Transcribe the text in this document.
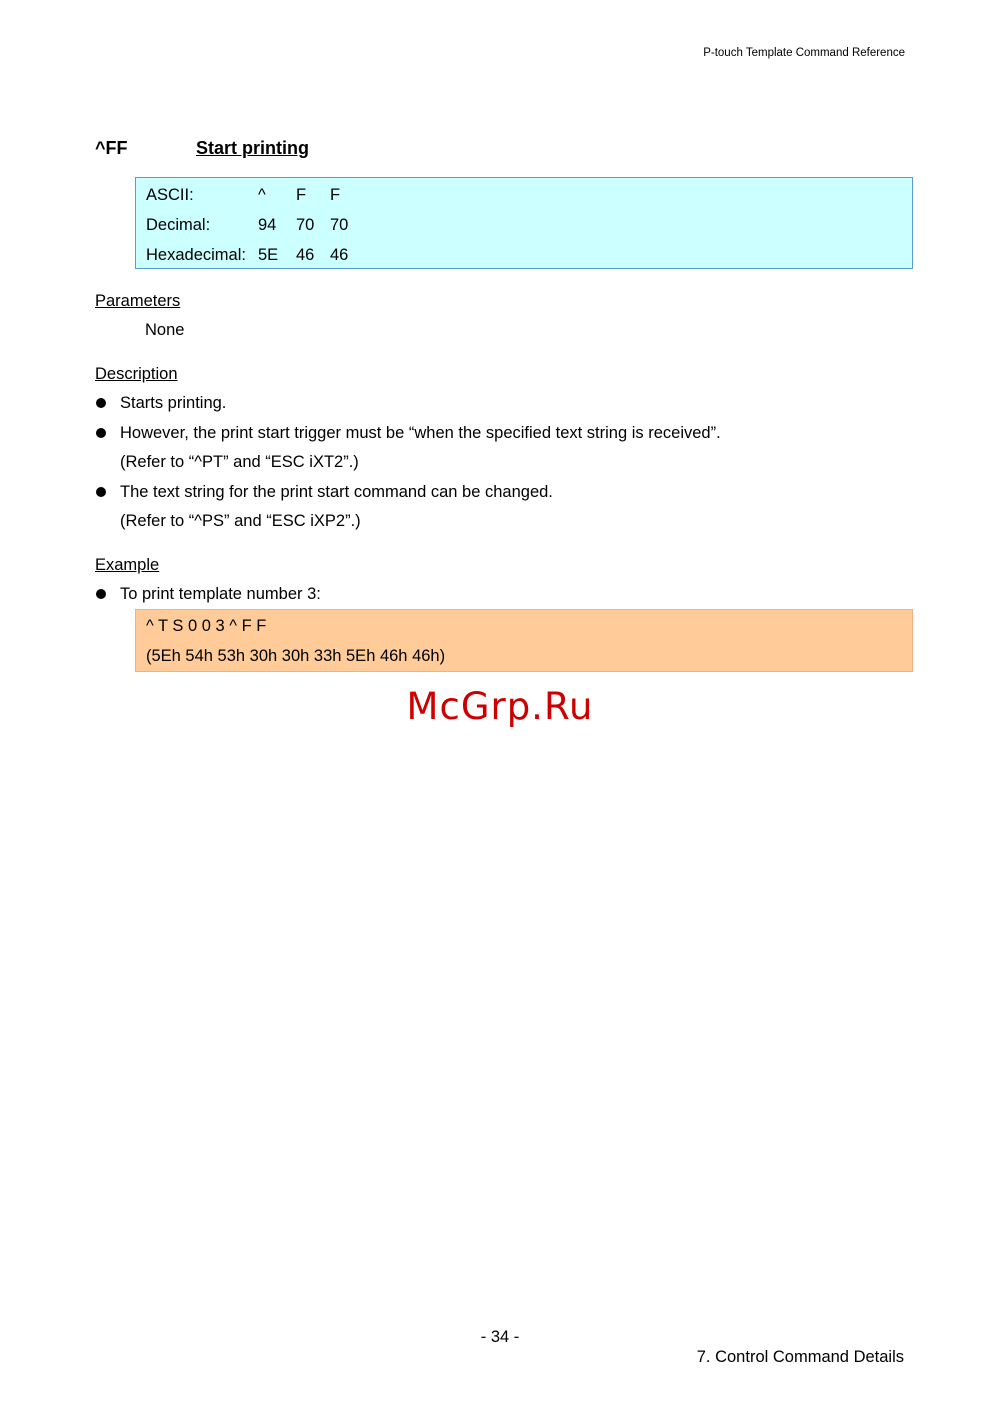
P-touch Template Command Reference
^FF	Start printing
ASCII:	^	F	F
Decimal:	94	70 70
Hexadecimal: 5E	46 46
Parameters
None
Description
Starts printing.
However, the print start trigger must be “when the specified text string is received”.
(Refer to “^PT” and “ESC iXT2”.)
The text string for the print start command can be changed.
(Refer to “^PS” and “ESC iXP2”.)
Example
To print template number 3:
^ T S 0 0 3 ^ F F
(5Eh 54h 53h 30h 30h 33h 5Eh 46h 46h)
McGrp.Ru
- 34 -
7. Control Command Details
